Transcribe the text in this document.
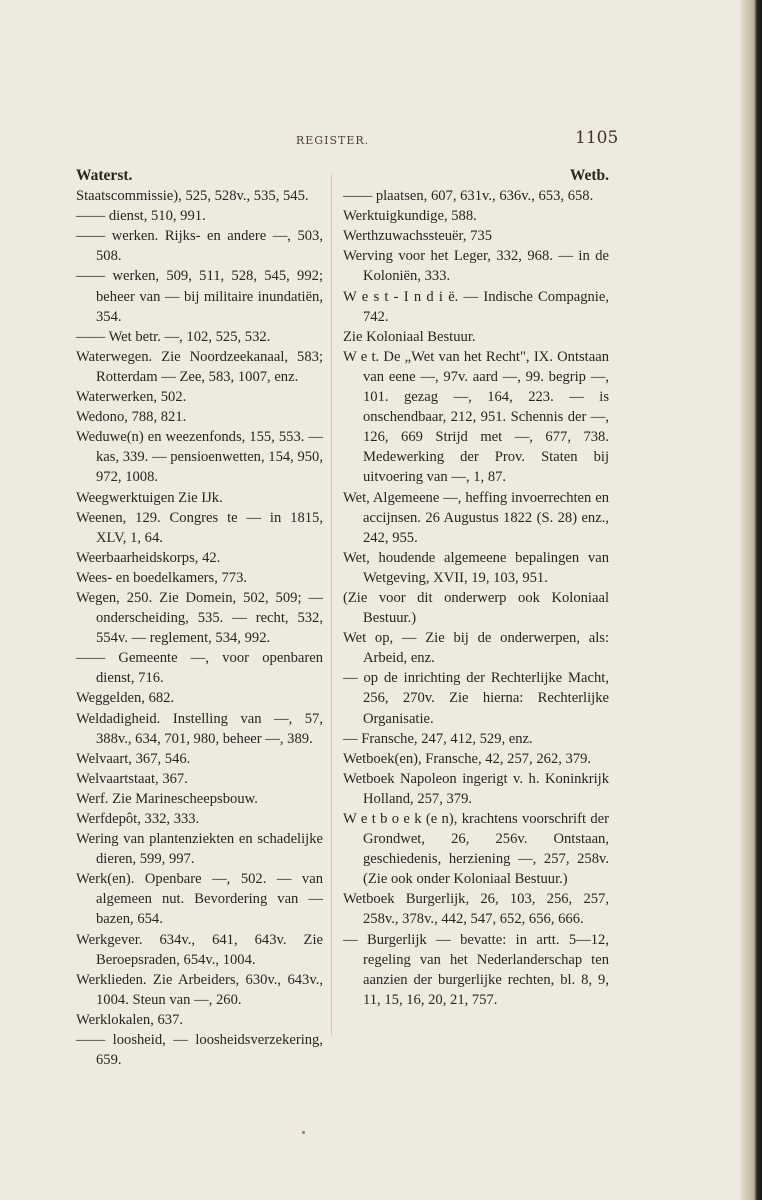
REGISTER.	1105
Waterst.

Staatscommissie), 525, 528v., 535, 545.

—— dienst, 510, 991.

—— werken. Rijks- en andere —, 503, 508.

—— werken, 509, 511, 528, 545, 992; beheer van — bij militaire inundatiën, 354.

—— Wet betr. —, 102, 525, 532.

Waterwegen. Zie Noordzeekanaal, 583; Rotterdam — Zee, 583, 1007, enz.

Waterwerken, 502.

Wedono, 788, 821.

Weduwe(n) en weezenfonds, 155, 553. — kas, 339. — pensioenwetten, 154, 950, 972, 1008.

Weegwerktuigen Zie IJk.

Weenen, 129. Congres te — in 1815, XLV, 1, 64.

Weerbaarheidskorps, 42.

Wees- en boedelkamers, 773.

Wegen, 250. Zie Domein, 502, 509; — onderscheiding, 535. — recht, 532, 554v. — reglement, 534, 992.

—— Gemeente —, voor openbaren dienst, 716.

Weggelden, 682.

Weldadigheid. Instelling van —, 57, 388v., 634, 701, 980, beheer —, 389.

Welvaart, 367, 546.

Welvaartstaat, 367.

Werf. Zie Marinescheepsbouw.

Werfdepôt, 332, 333.

Wering van plantenziekten en schadelijke dieren, 599, 997.

Werk(en). Openbare —, 502. — van algemeen nut. Bevordering van —bazen, 654.

Werkgever. 634v., 641, 643v. Zie Beroepsraden, 654v., 1004.

Werklieden. Zie Arbeiders, 630v., 643v., 1004. Steun van —, 260.

Werklokalen, 637.

—— loosheid, — loosheidsverzekering, 659.

Wetb.

—— plaatsen, 607, 631v., 636v., 653, 658.

Werktuigkundige, 588.

Werthzuwachssteuër, 735

Werving voor het Leger, 332, 968. — in de Koloniën, 333.

W e s t - I n d i ë. — Indische Compagnie, 742.

Zie Koloniaal Bestuur.

W e t. De „Wet van het Recht", IX. Ontstaan van eene —, 97v. aard —, 99. begrip —, 101. gezag —, 164, 223. — is onschendbaar, 212, 951. Schennis der —, 126, 669 Strijd met —, 677, 738. Medewerking der Prov. Staten bij uitvoering van —, 1, 87.

Wet, Algemeene —, heffing invoerrechten en accijnsen. 26 Augustus 1822 (S. 28) enz., 242, 955.

Wet, houdende algemeene bepalingen van Wetgeving, XVII, 19, 103, 951.

(Zie voor dit onderwerp ook Koloniaal Bestuur.)

Wet op, — Zie bij de onderwerpen, als: Arbeid, enz.

— op de inrichting der Rechterlijke Macht, 256, 270v. Zie hierna: Rechterlijke Organisatie.

— Fransche, 247, 412, 529, enz.

Wetboek(en), Fransche, 42, 257, 262, 379.

Wetboek Napoleon ingerigt v. h. Koninkrijk Holland, 257, 379.

W e t b o e k (e n), krachtens voorschrift der Grondwet, 26, 256v. Ontstaan, geschiedenis, herziening —, 257, 258v. (Zie ook onder Koloniaal Bestuur.)

Wetboek Burgerlijk, 26, 103, 256, 257, 258v., 378v., 442, 547, 652, 656, 666.

— Burgerlijk — bevatte: in artt. 5—12, regeling van het Nederlanderschap ten aanzien der burgerlijke rechten, bl. 8, 9, 11, 15, 16, 20, 21, 757.
